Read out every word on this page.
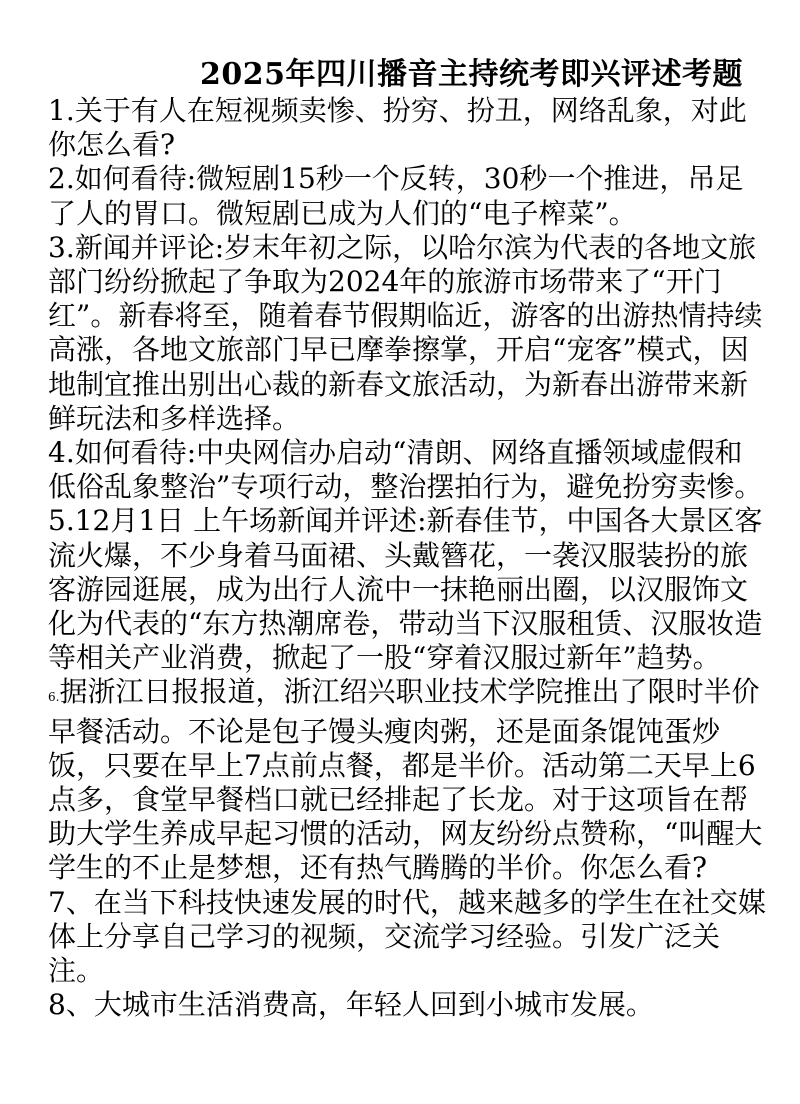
2025年四川播音主持统考即兴评述考题
1.关于有人在短视频卖惨、扮穷、扮丑，网络乱象，对此你怎么看?
2.如何看待:微短剧15秒一个反转，30秒一个推进，吊足了人的胃口。微短剧已成为人们的“电子榨菜”。
3.新闻并评论:岁末年初之际，以哈尔滨为代表的各地文旅部门纷纷掀起了争取为2024年的旅游市场带来了“开门红”。新春将至，随着春节假期临近，游客的出游热情持续高涨，各地文旅部门早已摩拳擦掌，开启“宠客”模式，因地制宜推出别出心裁的新春文旅活动，为新春出游带来新鲜玩法和多样选择。
4.如何看待:中央网信办启动“清朗、网络直播领域虚假和低俗乱象整治”专项行动，整治摆拍行为，避免扮穷卖惨。
5.12月1日 上午场新闻并评述:新春佳节，中国各大景区客流火爆，不少身着马面裙、头戴簪花，一袭汉服装扮的旅客游园逛展，成为出行人流中一抹艳丽出圈，以汉服饰文化为代表的“东方热潮席卷，带动当下汉服租赁、汉服妆造等相关产业消费，掀起了一股“穿着汉服过新年”趋势。
6.据浙江日报报道，浙江绍兴职业技术学院推出了限时半价早餐活动。不论是包子馒头瘦肉粥，还是面条馄饨蛋炒饭，只要在早上7点前点餐，都是半价。活动第二天早上6点多，食堂早餐档口就已经排起了长龙。对于这项旨在帮助大学生养成早起习惯的活动，网友纷纷点赞称，“叫醒大学生的不止是梦想，还有热气腾腾的半价。你怎么看?
7、在当下科技快速发展的时代，越来越多的学生在社交媒体上分享自己学习的视频，交流学习经验。引发广泛关注。
8、大城市生活消费高，年轻人回到小城市发展。
